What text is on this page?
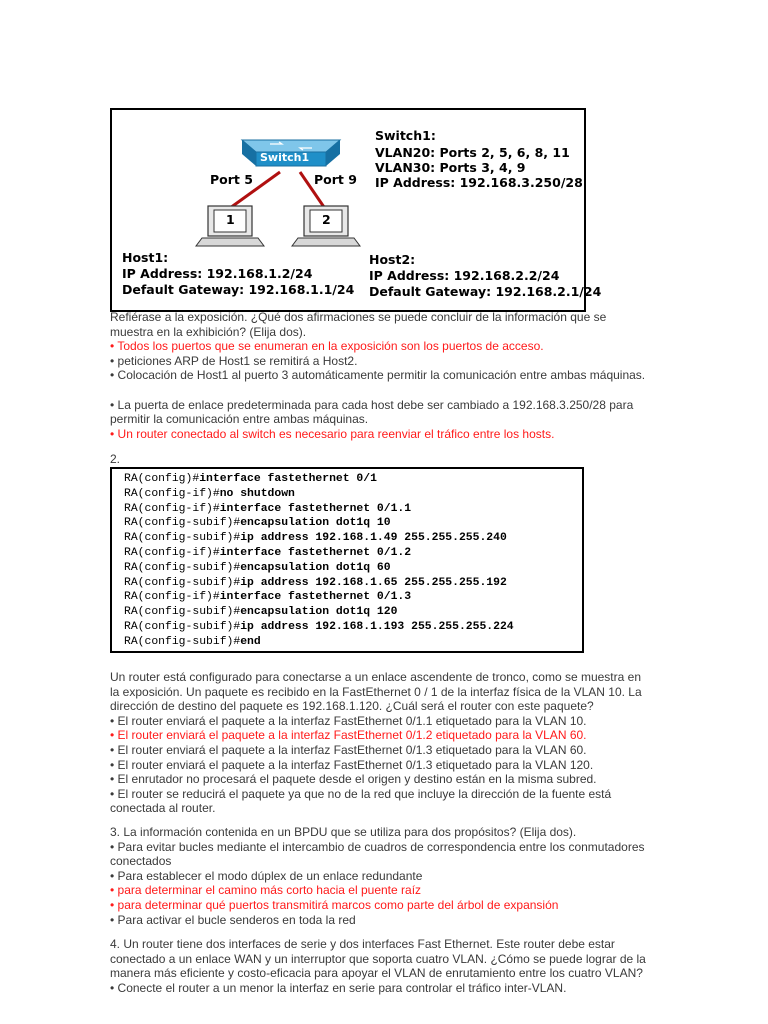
Switch1
Port 5	Port 9
1	2
Switch1:
VLAN20: Ports 2, 5, 6, 8, 11
VLAN30: Ports 3, 4, 9
IP Address: 192.168.3.250/28
Host1:
IP Address: 192.168.1.2/24
Default Gateway: 192.168.1.1/24
Host2:
IP Address: 192.168.2.2/24
Default Gateway: 192.168.2.1/24

Refiérase a la exposición. ¿Qué dos afirmaciones se puede concluir de la información que se

muestra en la exhibición? (Elija dos).

• Todos los puertos que se enumeran en la exposición son los puertos de acceso.

• peticiones ARP de Host1 se remitirá a Host2.

• Colocación de Host1 al puerto 3 automáticamente permitir la comunicación entre ambas máquinas.

• La puerta de enlace predeterminada para cada host debe ser cambiado a 192.168.3.250/28 para

permitir la comunicación entre ambas máquinas.

• Un router conectado al switch es necesario para reenviar el tráfico entre los hosts.

2.
RA(config)#interface fastethernet 0/1
RA(config-if)#no shutdown
RA(config-if)#interface fastethernet 0/1.1
RA(config-subif)#encapsulation dot1q 10
RA(config-subif)#ip address 192.168.1.49 255.255.255.240
RA(config-if)#interface fastethernet 0/1.2
RA(config-subif)#encapsulation dot1q 60
RA(config-subif)#ip address 192.168.1.65 255.255.255.192
RA(config-if)#interface fastethernet 0/1.3
RA(config-subif)#encapsulation dot1q 120
RA(config-subif)#ip address 192.168.1.193 255.255.255.224
RA(config-subif)#end

Un router está configurado para conectarse a un enlace ascendente de tronco, como se muestra en

la exposición. Un paquete es recibido en la FastEthernet 0 / 1 de la interfaz física de la VLAN 10. La

dirección de destino del paquete es 192.168.1.120. ¿Cuál será el router con este paquete?

• El router enviará el paquete a la interfaz FastEthernet 0/1.1 etiquetado para la VLAN 10.

• El router enviará el paquete a la interfaz FastEthernet 0/1.2 etiquetado para la VLAN 60.

• El router enviará el paquete a la interfaz FastEthernet 0/1.3 etiquetado para la VLAN 60.

• El router enviará el paquete a la interfaz FastEthernet 0/1.3 etiquetado para la VLAN 120.

• El enrutador no procesará el paquete desde el origen y destino están en la misma subred.

• El router se reducirá el paquete ya que no de la red que incluye la dirección de la fuente está

conectada al router.

3. La información contenida en un BPDU que se utiliza para dos propósitos? (Elija dos).

• Para evitar bucles mediante el intercambio de cuadros de correspondencia entre los conmutadores

conectados

• Para establecer el modo dúplex de un enlace redundante

• para determinar el camino más corto hacia el puente raíz

• para determinar qué puertos transmitirá marcos como parte del árbol de expansión

• Para activar el bucle senderos en toda la red

4. Un router tiene dos interfaces de serie y dos interfaces Fast Ethernet. Este router debe estar

conectado a un enlace WAN y un interruptor que soporta cuatro VLAN. ¿Cómo se puede lograr de la

manera más eficiente y costo-eficacia para apoyar el VLAN de enrutamiento entre los cuatro VLAN?

• Conecte el router a un menor la interfaz en serie para controlar el tráfico inter-VLAN.
